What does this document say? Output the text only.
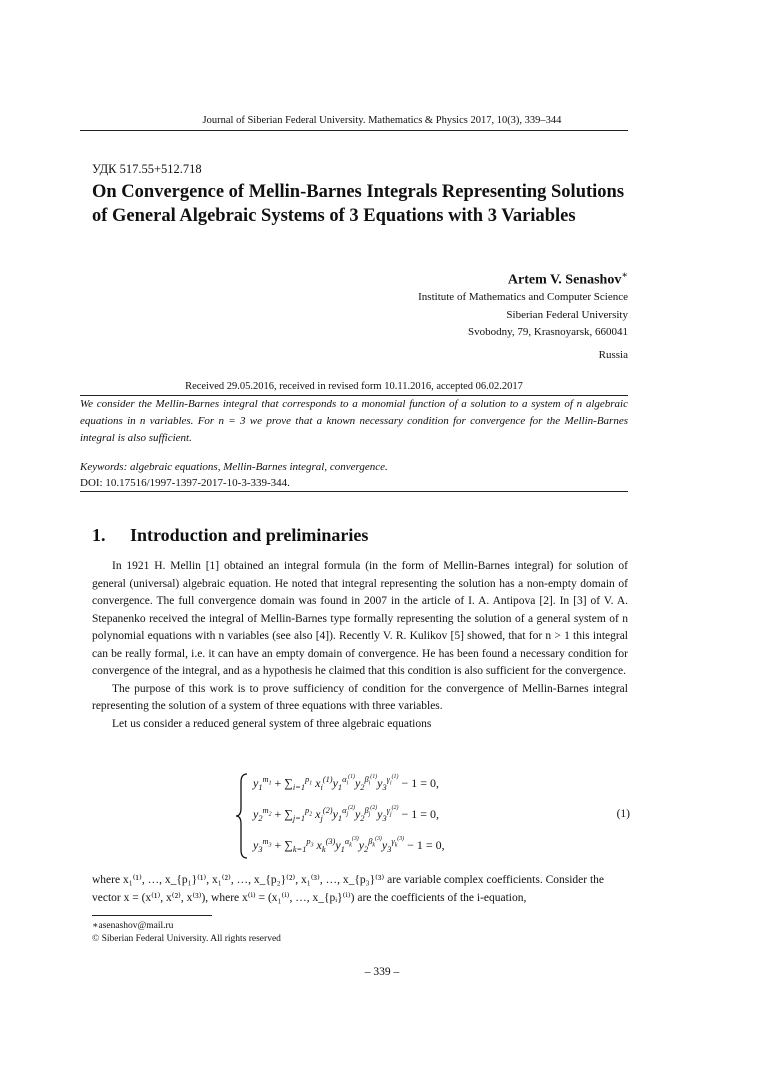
Journal of Siberian Federal University. Mathematics & Physics 2017, 10(3), 339–344
УДК 517.55+512.718
On Convergence of Mellin-Barnes Integrals Representing Solutions of General Algebraic Systems of 3 Equations with 3 Variables
Artem V. Senashov∗
Institute of Mathematics and Computer Science
Siberian Federal University
Svobodny, 79, Krasnoyarsk, 660041
Russia
Received 29.05.2016, received in revised form 10.11.2016, accepted 06.02.2017
We consider the Mellin-Barnes integral that corresponds to a monomial function of a solution to a system of n algebraic equations in n variables. For n = 3 we prove that a known necessary condition for convergence for the Mellin-Barnes integral is also sufficient.
Keywords: algebraic equations, Mellin-Barnes integral, convergence.
DOI: 10.17516/1997-1397-2017-10-3-339-344.
1. Introduction and preliminaries
In 1921 H. Mellin [1] obtained an integral formula (in the form of Mellin-Barnes integral) for solution of general (universal) algebraic equation. He noted that integral representing the solution has a non-empty domain of convergence. The full convergence domain was found in 2007 in the article of I. A. Antipova [2]. In [3] of V. A. Stepanenko received the integral of Mellin-Barnes type formally representing the solution of a general system of n polynomial equations with n variables (see also [4]). Recently V. R. Kulikov [5] showed, that for n > 1 this integral can be really formal, i.e. it can have an empty domain of convergence. He has been found a necessary condition for convergence of the integral, and as a hypothesis he claimed that this condition is also sufficient for the convergence.
The purpose of this work is to prove sufficiency of condition for the convergence of Mellin-Barnes integral representing the solution of a system of three equations with three variables.
Let us consider a reduced general system of three algebraic equations
$y_1^{m_1} + \sum_{i=1}^{p_1}$ $x_i^{(1)}y_1^{\alpha_i^{(1)}}y_2^{\beta_i^{(1)}}y_3^{\gamma_i^{(1)}} - 1 = 0$,
$y_2^{m_2} + \sum_{j=1}^{p_2}$ $x_j^{(2)}y_1^{\alpha_j^{(2)}}y_2^{\beta_j^{(2)}}y_3^{\gamma_j^{(2)}} - 1 = 0$,
$y_3^{m_3} + \sum_{k=1}^{p_3}$ $x_k^{(3)}y_1^{\alpha_k^{(3)}}y_2^{\beta_k^{(3)}}y_3^{\gamma_k^{(3)}} - 1 = 0$,
(1)
where x₁⁽¹⁾, …, x_{p₁}⁽¹⁾, x₁⁽²⁾, …, x_{p₂}⁽²⁾, x₁⁽³⁾, …, x_{p₃}⁽³⁾ are variable complex coefficients. Consider the
vector x = (x⁽¹⁾, x⁽²⁾, x⁽³⁾), where x⁽ⁱ⁾ = (x₁⁽ⁱ⁾, …, x_{pᵢ}⁽ⁱ⁾) are the coefficients of the i-equation,
∗asenashov@mail.ru
© Siberian Federal University. All rights reserved
– 339 –
